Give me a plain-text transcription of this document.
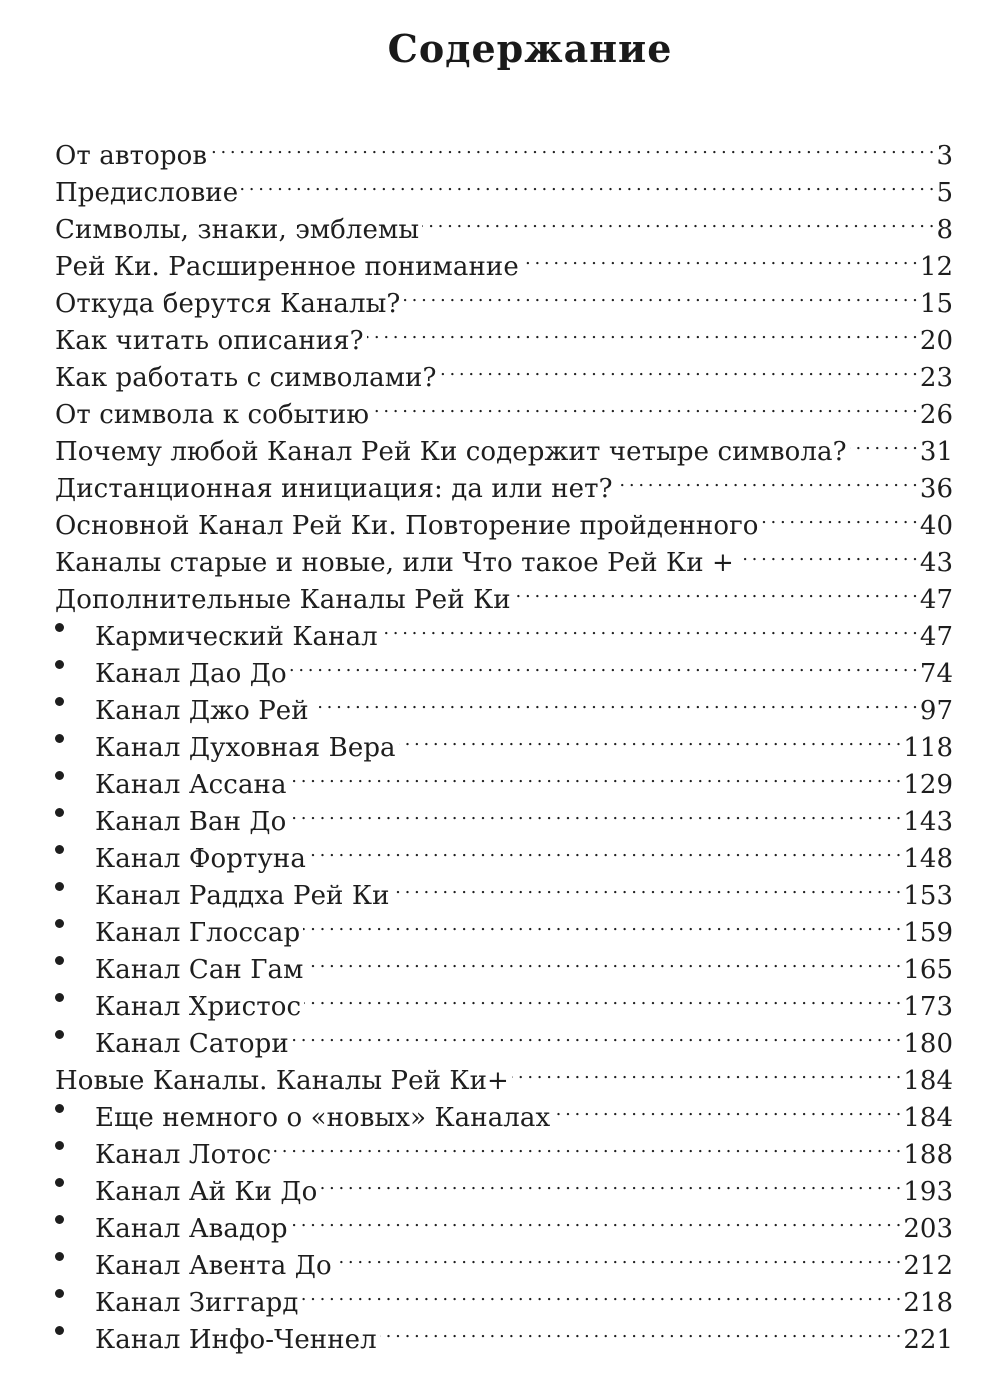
Содержание
От авторов . . .	3
Предисловие . . .	5
Символы, знаки, эмблемы . . .	8
Рей Ки. Расширенное понимание . . .	12
Откуда берутся Каналы? . . .	15
Как читать описания? . . .	20
Как работать с символами? . . .	23
От символа к событию . . .	26
Почему любой Канал Рей Ки содержит четыре символа? . . .	31
Дистанционная инициация: да или нет? . . .	36
Основной Канал Рей Ки. Повторение пройденного . . .	40
Каналы старые и новые, или Что такое Рей Ки + . . .	43
Дополнительные Каналы Рей Ки . . .	47
Кармический Канал . . .	47
Канал Дао До . . .	74
Канал Джо Рей . . .	97
Канал Духовная Вера . . .	118
Канал Ассана . . .	129
Канал Ван До . . .	143
Канал Фортуна . . .	148
Канал Раддха Рей Ки . . .	153
Канал Глоссар . . .	159
Канал Сан Гам . . .	165
Канал Христос . . .	173
Канал Сатори . . .	180
Новые Каналы. Каналы Рей Ки+ . . .	184
Еще немного о «новых» Каналах . . .	184
Канал Лотос . . .	188
Канал Ай Ки До . . .	193
Канал Авадор . . .	203
Канал Авента До . . .	212
Канал Зиггард . . .	218
Канал Инфо-Ченнел . . .	221
